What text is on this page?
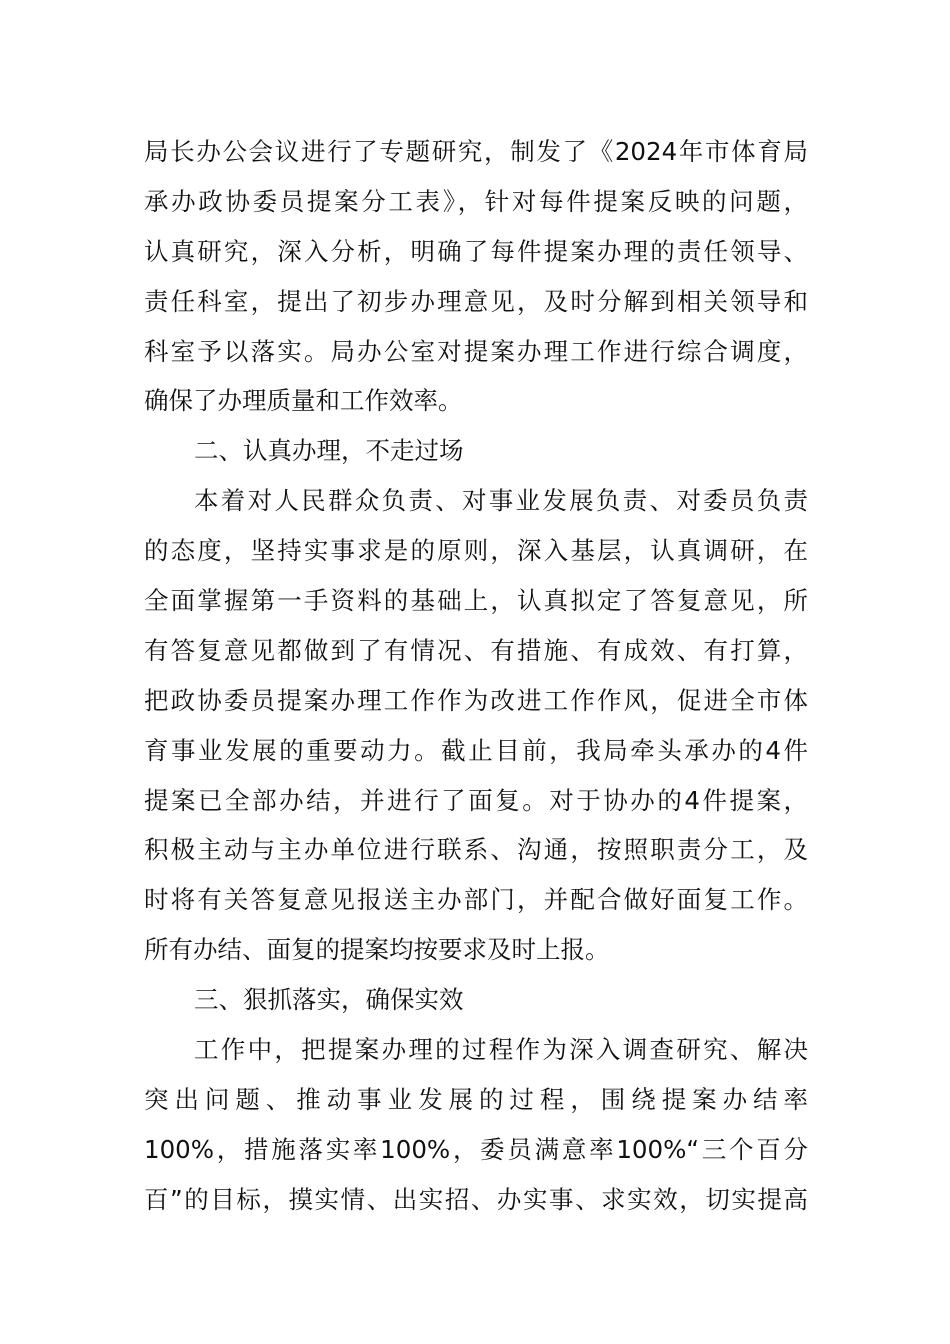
局长办公会议进行了专题研究，制发了《2024年市体育局
承办政协委员提案分工表》，针对每件提案反映的问题，
认真研究，深入分析，明确了每件提案办理的责任领导、
责任科室，提出了初步办理意见，及时分解到相关领导和
科室予以落实。局办公室对提案办理工作进行综合调度，
确保了办理质量和工作效率。
二、认真办理，不走过场
本着对人民群众负责、对事业发展负责、对委员负责
的态度，坚持实事求是的原则，深入基层，认真调研，在
全面掌握第一手资料的基础上，认真拟定了答复意见，所
有答复意见都做到了有情况、有措施、有成效、有打算，
把政协委员提案办理工作作为改进工作作风，促进全市体
育事业发展的重要动力。截止目前，我局牵头承办的4件
提案已全部办结，并进行了面复。对于协办的4件提案，
积极主动与主办单位进行联系、沟通，按照职责分工，及
时将有关答复意见报送主办部门，并配合做好面复工作。
所有办结、面复的提案均按要求及时上报。
三、狠抓落实，确保实效
工作中，把提案办理的过程作为深入调查研究、解决
突出问题、推动事业发展的过程，围绕提案办结率
100%，措施落实率100%，委员满意率100%“三个百分
百”的目标，摸实情、出实招、办实事、求实效，切实提高
